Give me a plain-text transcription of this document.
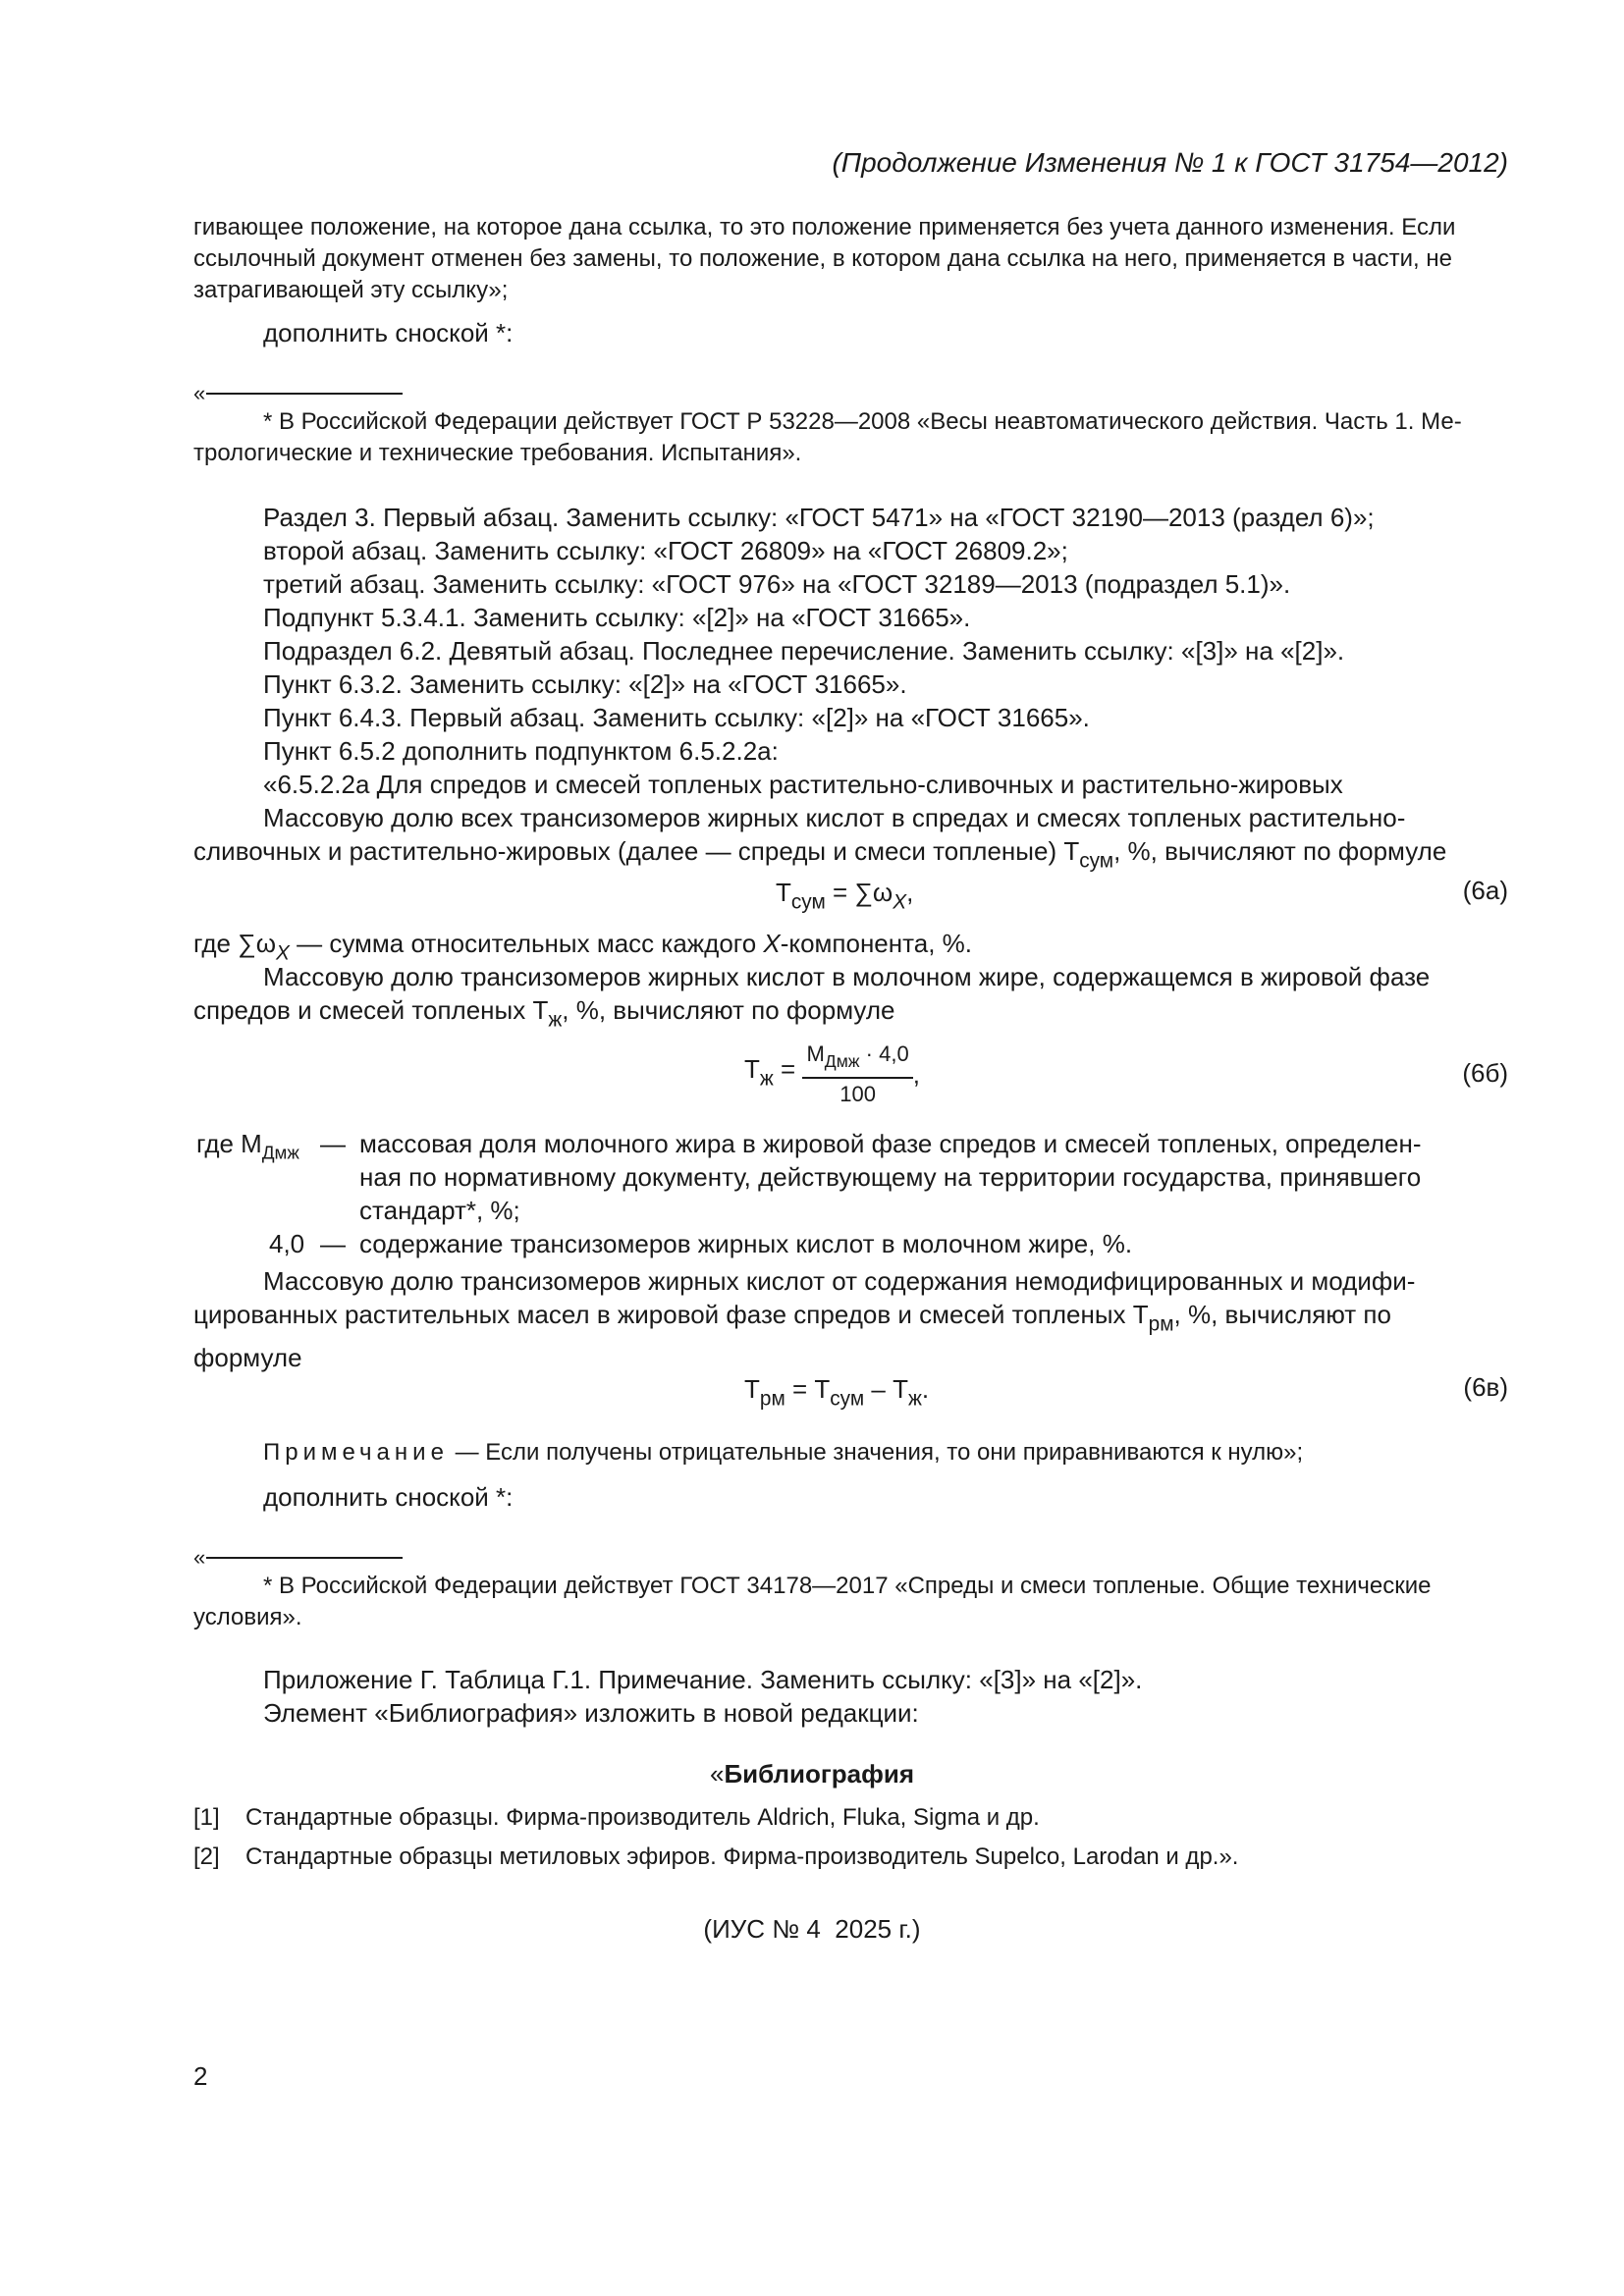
(Продолжение Изменения № 1 к ГОСТ 31754—2012)
гивающее положение, на которое дана ссылка, то это положение применяется без учета данного изменения. Если
ссылочный документ отменен без замены, то положение, в котором дана ссылка на него, применяется в части, не
затрагивающей эту ссылку»;
дополнить сноской *:
«
* В Российской Федерации действует ГОСТ Р 53228—2008 «Весы неавтоматического действия. Часть 1. Ме-
трологические и технические требования. Испытания».
Раздел 3. Первый абзац. Заменить ссылку: «ГОСТ 5471» на «ГОСТ 32190—2013 (раздел 6)»;
второй абзац. Заменить ссылку: «ГОСТ 26809» на «ГОСТ 26809.2»;
третий абзац. Заменить ссылку: «ГОСТ 976» на «ГОСТ 32189—2013 (подраздел 5.1)».
Подпункт 5.3.4.1. Заменить ссылку: «[2]» на «ГОСТ 31665».
Подраздел 6.2. Девятый абзац. Последнее перечисление. Заменить ссылку: «[3]» на «[2]».
Пункт 6.3.2. Заменить ссылку: «[2]» на «ГОСТ 31665».
Пункт 6.4.3. Первый абзац. Заменить ссылку: «[2]» на «ГОСТ 31665».
Пункт 6.5.2 дополнить подпунктом 6.5.2.2а:
«6.5.2.2а Для спредов и смесей топленых растительно-сливочных и растительно-жировых
Массовую долю всех трансизомеров жирных кислот в спредах и смесях топленых растительно-
сливочных и растительно-жировых (далее — спреды и смеси топленые) $Т_{сум}$, %, вычисляют по формуле
$Т_{сум} = \sum\omega_X$,	(6а)
где $\sum\omega_X$ — сумма относительных масс каждого X-компонента, %.
Массовую долю трансизомеров жирных кислот в молочном жире, содержащемся в жировой фазе
спредов и смесей топленых $Т_ж$, %, вычисляют по формуле
$Т_ж = \frac{М_{Дмж} \cdot 4,0}{100}$ ,	(6б)
где $М_{Дмж}$ — массовая доля молочного жира в жировой фазе спредов и смесей топленых, определен-
ная по нормативному документу, действующему на территории государства, принявшего
стандарт*, %;
4,0 — содержание трансизомеров жирных кислот в молочном жире, %.
Массовую долю трансизомеров жирных кислот от содержания немодифицированных и модифи-
цированных растительных масел в жировой фазе спредов и смесей топленых $Т_{рм}$, %, вычисляют по
формуле
$Т_{рм} = Т_{сум} - Т_ж$.	(6в)
Примечание — Если получены отрицательные значения, то они приравниваются к нулю»;
дополнить сноской *:
«
* В Российской Федерации действует ГОСТ 34178—2017 «Спреды и смеси топленые. Общие технические
условия».
Приложение Г. Таблица Г.1. Примечание. Заменить ссылку: «[3]» на «[2]».
Элемент «Библиография» изложить в новой редакции:
«Библиография
[1] Стандартные образцы. Фирма-производитель Aldrich, Fluka, Sigma и др.
[2] Стандартные образцы метиловых эфиров. Фирма-производитель Supelco, Larodan и др.».
(ИУС № 4  2025 г.)
2
